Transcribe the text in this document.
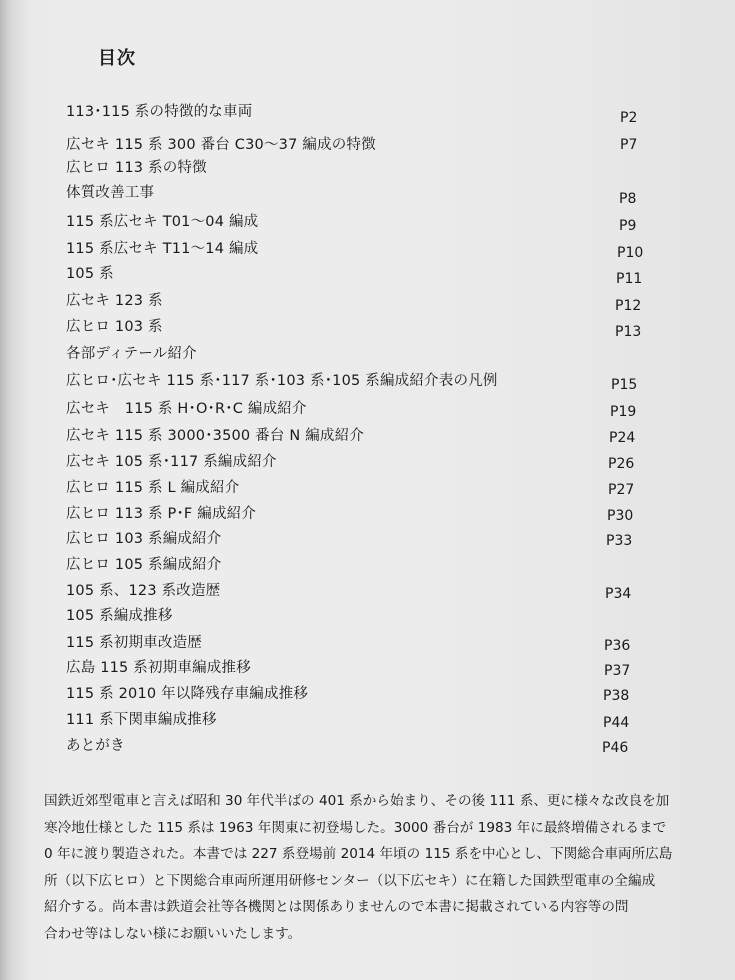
目次
113･115 系の特徴的な車両	P2
広セキ 115 系 300 番台 C30～37 編成の特徴	P7
広ヒロ 113 系の特徴
体質改善工事	P8
115 系広セキ T01～04 編成	P9
115 系広セキ T11～14 編成	P10
105 系	P11
広セキ 123 系	P12
広ヒロ 103 系	P13
各部ディテール紹介
広ヒロ･広セキ 115 系･117 系･103 系･105 系編成紹介表の凡例	P15
広セキ　115 系 H･O･R･C 編成紹介	P19
広セキ 115 系 3000･3500 番台 N 編成紹介	P24
広セキ 105 系･117 系編成紹介	P26
広ヒロ 115 系 L 編成紹介	P27
広ヒロ 113 系 P･F 編成紹介	P30
広ヒロ 103 系編成紹介	P33
広ヒロ 105 系編成紹介
105 系、123 系改造歴	P34
105 系編成推移
115 系初期車改造歴	P36
広島 115 系初期車編成推移	P37
115 系 2010 年以降残存車編成推移	P38
111 系下関車編成推移	P44
あとがき	P46
国鉄近郊型電車と言えば昭和 30 年代半ばの 401 系から始まり、その後 111 系、更に様々な改良を加
寒冷地仕様とした 115 系は 1963 年関東に初登場した。3000 番台が 1983 年に最終増備されるまで
0 年に渡り製造された。本書では 227 系登場前 2014 年頃の 115 系を中心とし、下関総合車両所広島
所（以下広ヒロ）と下関総合車両所運用研修センター（以下広セキ）に在籍した国鉄型電車の全編成
紹介する。尚本書は鉄道会社等各機関とは関係ありませんので本書に掲載されている内容等の問
合わせ等はしない様にお願いいたします。
